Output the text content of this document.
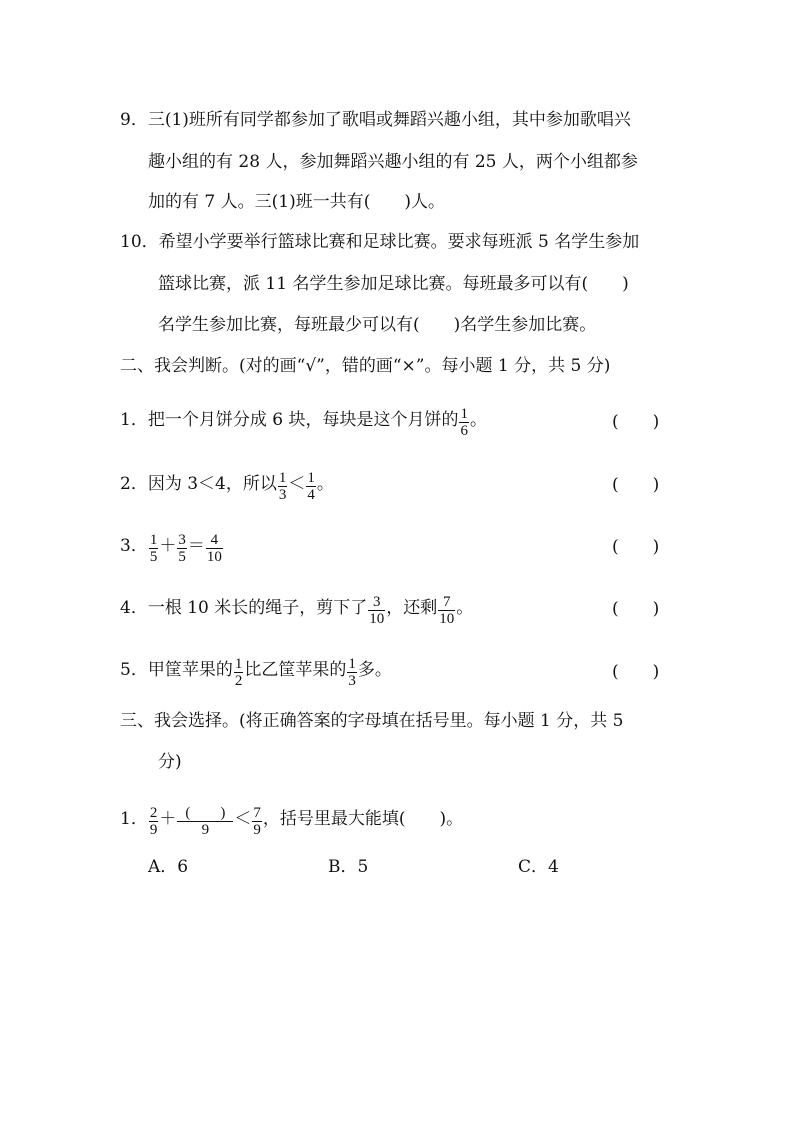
9．三(1)班所有同学都参加了歌唱或舞蹈兴趣小组，其中参加歌唱兴
趣小组的有 28 人，参加舞蹈兴趣小组的有 25 人，两个小组都参
加的有 7 人。三(1)班一共有(　　)人。
10．希望小学要举行篮球比赛和足球比赛。要求每班派 5 名学生参加
篮球比赛，派 11 名学生参加足球比赛。每班最多可以有(　　)
名学生参加比赛，每班最少可以有(　　)名学生参加比赛。
二、我会判断。(对的画“√”，错的画“×”。每小题 1 分，共 5 分)
1．把一个月饼分成 6 块，每块是这个月饼的 $\frac{1}{6}$ 。	(　　)
2．因为 3＜4，所以 $\frac{1}{3} < \frac{1}{4}$ 。	(　　)
3． $\frac{1}{5} + \frac{3}{5} = \frac{4}{10}$	(　　)
4．一根 10 米长的绳子，剪下了 $\frac{3}{10}$ ，还剩 $\frac{7}{10}$ 。	(　　)
5．甲筐苹果的 $\frac{1}{2}$ 比乙筐苹果的 $\frac{1}{3}$ 多。	(　　)
三、我会选择。(将正确答案的字母填在括号里。每小题 1 分，共 5
分)
1． $\frac{2}{9} + \frac{( )}{9} < \frac{7}{9}$ ，括号里最大能填(　　)。
A．6	B．5	C．4
